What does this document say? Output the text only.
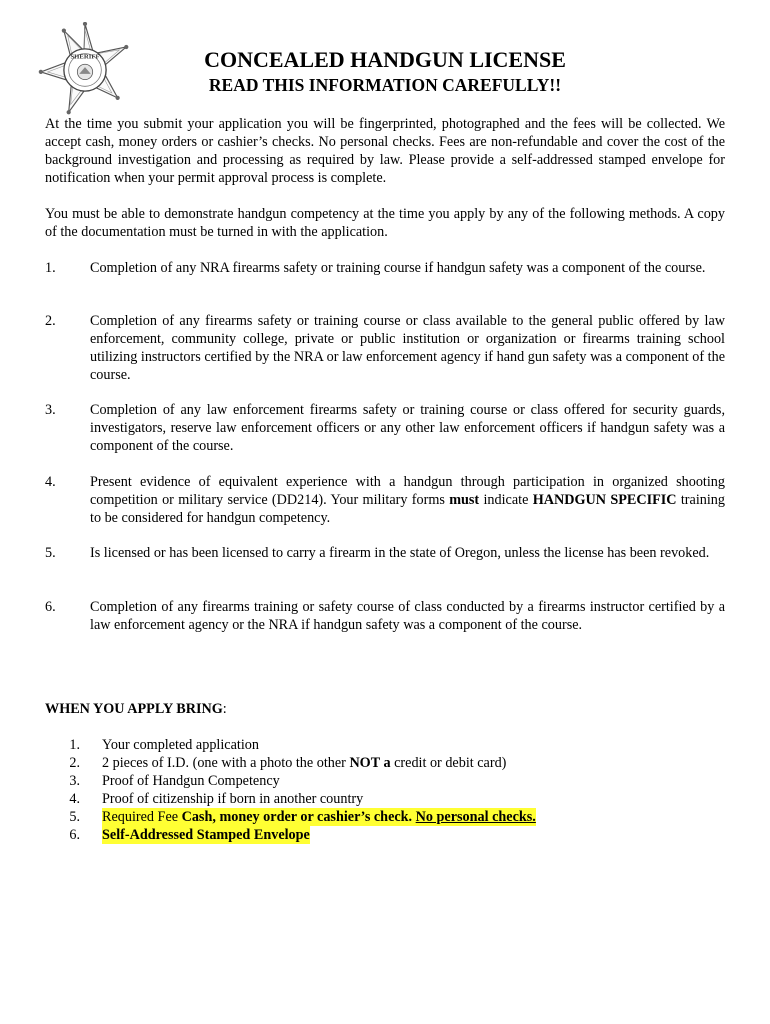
SHERIFF	CONCEALED HANDGUN LICENSE
READ THIS INFORMATION CAREFULLY!!
At the time you submit your application you will be fingerprinted, photographed and the fees will be collected. We accept cash, money orders or cashier’s checks. No personal checks. Fees are non-refundable and cover the cost of the background investigation and processing as required by law. Please provide a self-addressed stamped envelope for notification when your permit approval process is complete.
You must be able to demonstrate handgun competency at the time you apply by any of the following methods. A copy of the documentation must be turned in with the application.
1. Completion of any NRA firearms safety or training course if handgun safety was a component of the course.
2. Completion of any firearms safety or training course or class available to the general public offered by law enforcement, community college, private or public institution or organization or firearms training school utilizing instructors certified by the NRA or law enforcement agency if hand gun safety was a component of the course.
3. Completion of any law enforcement firearms safety or training course or class offered for security guards, investigators, reserve law enforcement officers or any other law enforcement officers if handgun safety was a component of the course.
4. Present evidence of equivalent experience with a handgun through participation in organized shooting competition or military service (DD214). Your military forms must indicate HANDGUN SPECIFIC training to be considered for handgun competency.
5. Is licensed or has been licensed to carry a firearm in the state of Oregon, unless the license has been revoked.
6. Completion of any firearms training or safety course of class conducted by a firearms instructor certified by a law enforcement agency or the NRA if handgun safety was a component of the course.
WHEN YOU APPLY BRING:
1. Your completed application
2. 2 pieces of I.D. (one with a photo the other NOT a credit or debit card)
3. Proof of Handgun Competency
4. Proof of citizenship if born in another country
5. Required Fee Cash, money order or cashier’s check. No personal checks.
6. Self-Addressed Stamped Envelope
